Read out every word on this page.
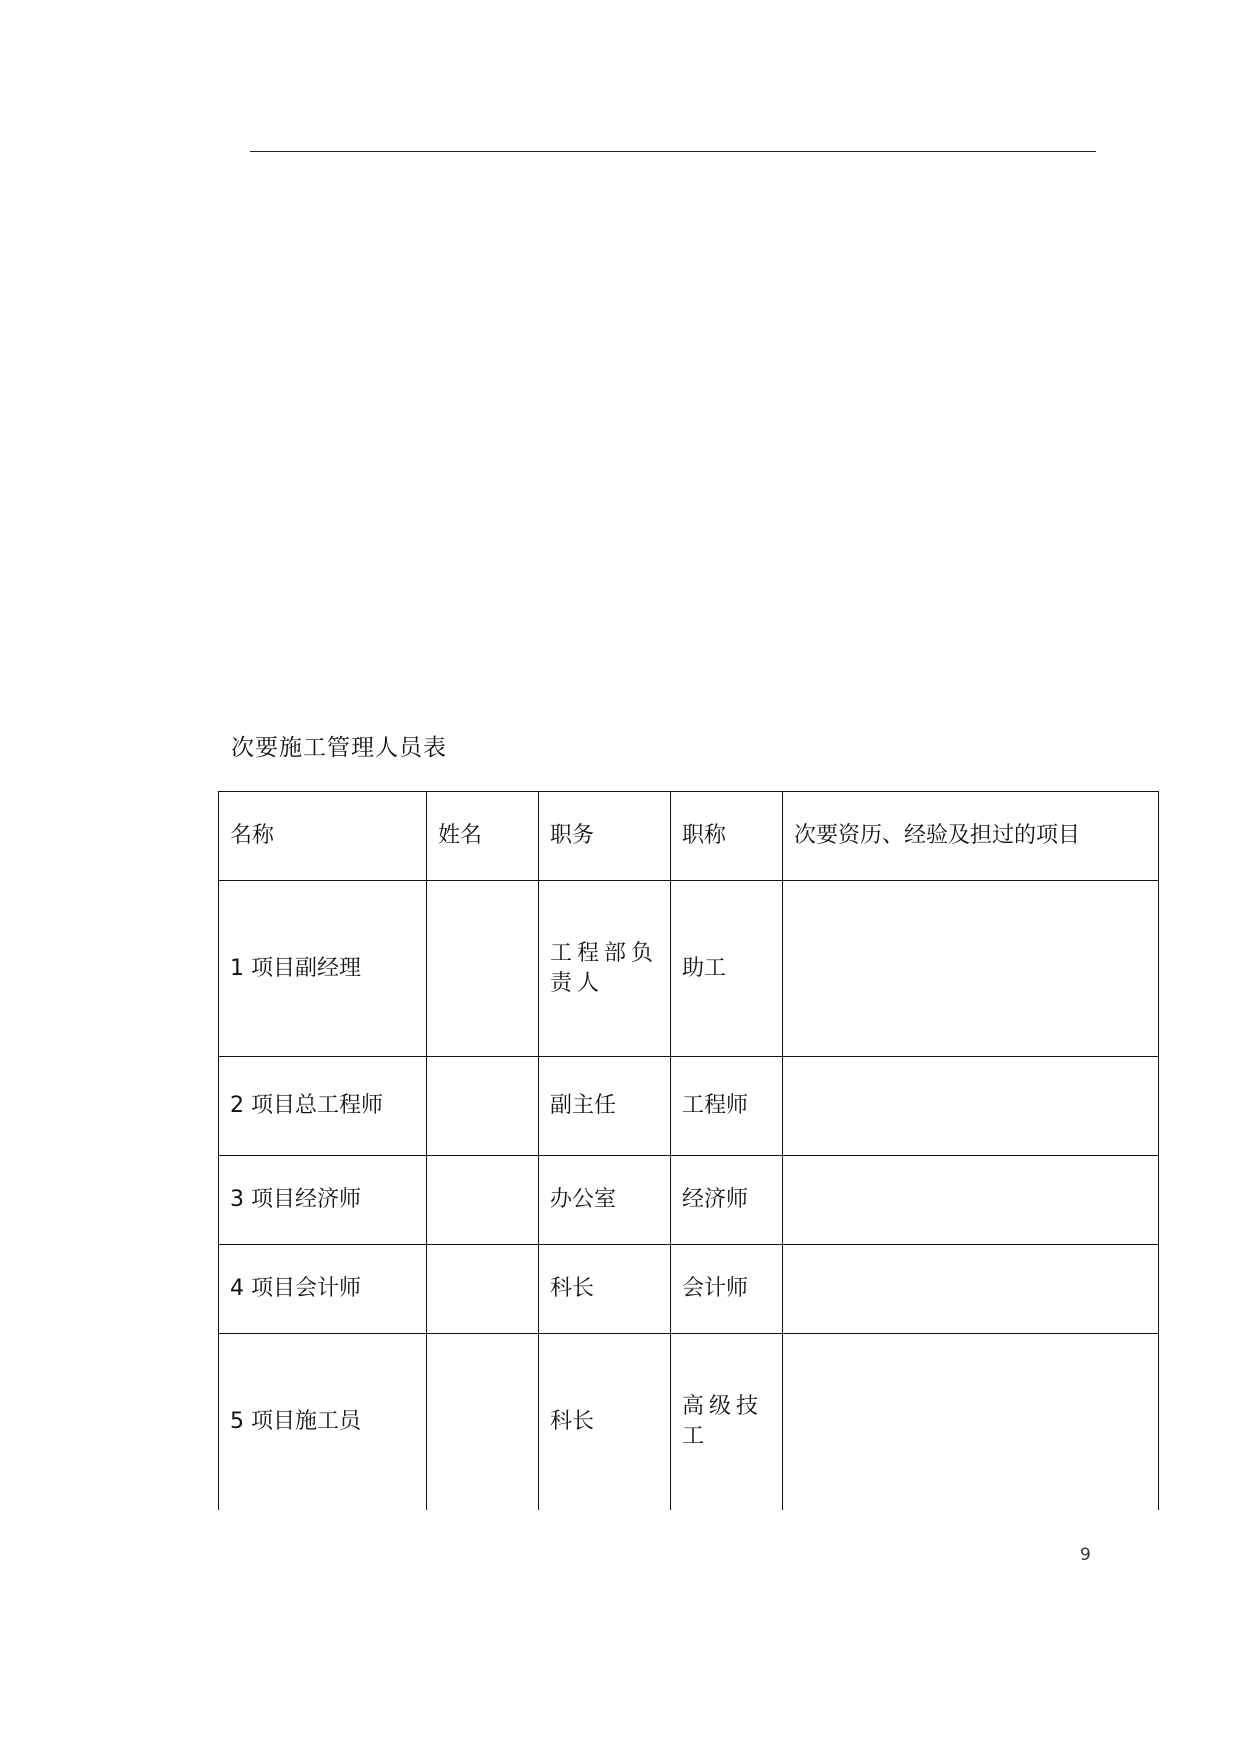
次要施工管理人员表
名称	姓名	职务	职称	次要资历、经验及担过的项目
1 项目副经理		工程部负责人	助工	
2 项目总工程师		副主任	工程师	
3 项目经济师		办公室	经济师	
4 项目会计师		科长	会计师	
5 项目施工员		科长	高级技工	
9
